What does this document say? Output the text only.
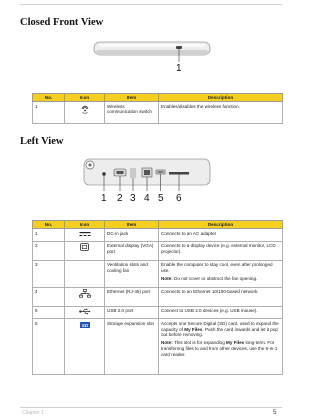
Closed Front View
1
No.	Icon	Item	Description
1		Wireless communication switch	Enables/disables the wireless function.
Left View
1 2 3 4 5 6
No.	Icon	Item	Description
1		DC-in jack	Connects to an AC adapter
2		External display (VGA) port	Connects to a display device (e.g. external monitor, LCD projector).
3		Ventilation slots and cooling fan	Enable the computer to stay cool, even after prolonged use.
Note: Do not cover or obstruct the fan opening.

4		Ethernet (RJ-45) port	Connects to an Ethernet 10/100-based network.
5		USB 2.0 port	Connect to USB 2.0 devices (e.g. USB mouse).
6	SD	Storage expansion slot	Accepts one Secure Digital (SD) card, used to expand the capacity of My Files. Push the card inwards and let it pop out before removing.
Note: This slot is for expanding My Files long-term. For transferring files to and from other devices, use the 5-in-1 card reader.
Chapter 1	5
